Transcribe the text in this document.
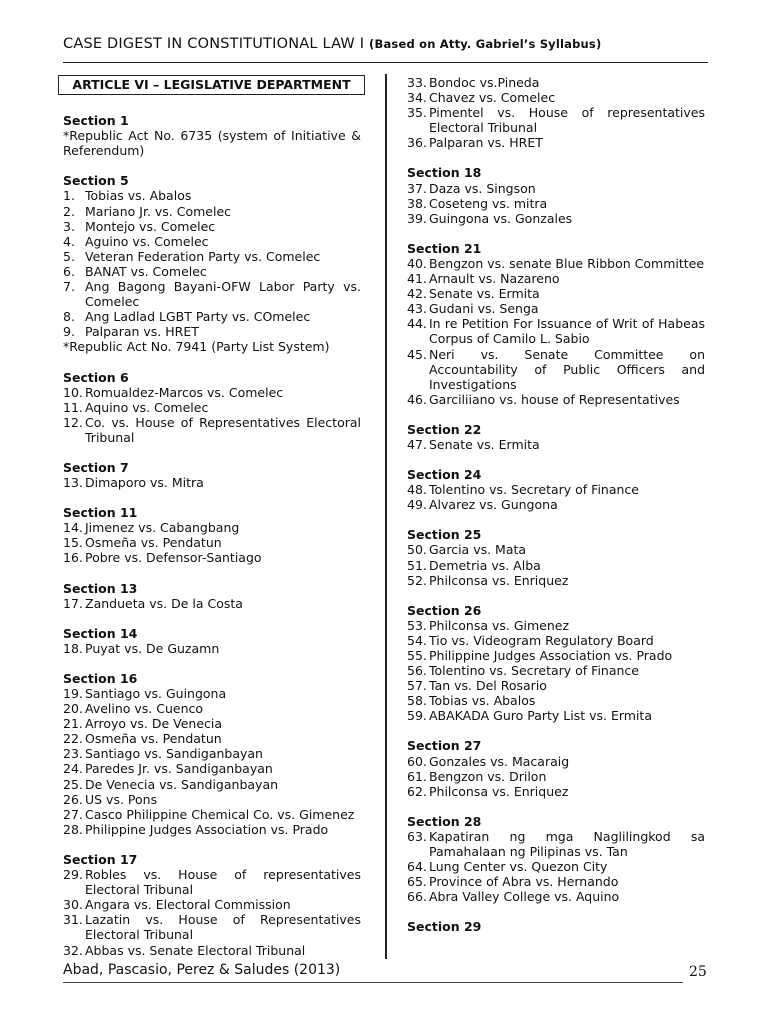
CASE DIGEST IN CONSTITUTIONAL LAW I (Based on Atty. Gabriel’s Syllabus)
ARTICLE VI – LEGISLATIVE DEPARTMENT
Section 1
*Republic Act No. 6735 (system of Initiative & Referendum)
Section 5
1. Tobias vs. Abalos
2. Mariano Jr. vs. Comelec
3. Montejo vs. Comelec
4. Aguino vs. Comelec
5. Veteran Federation Party vs. Comelec
6. BANAT vs. Comelec
7. Ang Bagong Bayani-OFW Labor Party vs. Comelec
8. Ang Ladlad LGBT Party vs. COmelec
9. Palparan vs. HRET
*Republic Act No. 7941 (Party List System)
Section 6
10. Romualdez-Marcos vs. Comelec
11. Aquino vs. Comelec
12. Co. vs. House of Representatives Electoral Tribunal
Section 7
13. Dimaporo vs. Mitra
Section 11
14. Jimenez vs. Cabangbang
15. Osmeña vs. Pendatun
16. Pobre vs. Defensor-Santiago
Section 13
17. Zandueta vs. De la Costa
Section 14
18. Puyat vs. De Guzamn
Section 16
19. Santiago vs. Guingona
20. Avelino vs. Cuenco
21. Arroyo vs. De Venecia
22. Osmeña vs. Pendatun
23. Santiago vs. Sandiganbayan
24. Paredes Jr. vs. Sandiganbayan
25. De Venecia vs. Sandiganbayan
26. US vs. Pons
27. Casco Philippine Chemical Co. vs. Gimenez
28. Philippine Judges Association vs. Prado
Section 17
29. Robles vs. House of representatives Electoral Tribunal
30. Angara vs. Electoral Commission
31. Lazatin vs. House of Representatives Electoral Tribunal
32. Abbas vs. Senate Electoral Tribunal
33. Bondoc vs.Pineda
34. Chavez vs. Comelec
35. Pimentel vs. House of representatives Electoral Tribunal
36. Palparan vs. HRET
Section 18
37. Daza vs. Singson
38. Coseteng vs. mitra
39. Guingona vs. Gonzales
Section 21
40. Bengzon vs. senate Blue Ribbon Committee
41. Arnault vs. Nazareno
42. Senate vs. Ermita
43. Gudani vs. Senga
44. In re Petition For Issuance of Writ of Habeas Corpus of Camilo L. Sabio
45. Neri vs. Senate Committee on Accountability of Public Officers and Investigations
46. Garciliiano vs. house of Representatives
Section 22
47. Senate vs. Ermita
Section 24
48. Tolentino vs. Secretary of Finance
49. Alvarez vs. Gungona
Section 25
50. Garcia vs. Mata
51. Demetria vs. Alba
52. Philconsa vs. Enriquez
Section 26
53. Philconsa vs. Gimenez
54. Tio vs. Videogram Regulatory Board
55. Philippine Judges Association vs. Prado
56. Tolentino vs. Secretary of Finance
57. Tan vs. Del Rosario
58. Tobias vs. Abalos
59. ABAKADA Guro Party List vs. Ermita
Section 27
60. Gonzales vs. Macaraig
61. Bengzon vs. Drilon
62. Philconsa vs. Enriquez
Section 28
63. Kapatiran ng mga Naglilingkod sa Pamahalaan ng Pilipinas vs. Tan
64. Lung Center vs. Quezon City
65. Province of Abra vs. Hernando
66. Abra Valley College vs. Aquino
Section 29
Abad, Pascasio, Perez & Saludes (2013)	25
